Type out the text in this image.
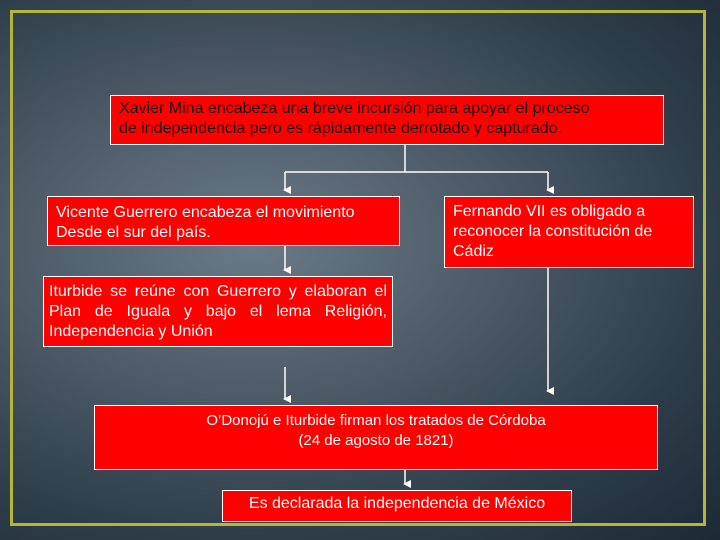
Xavier Mina encabeza una breve incursión para apoyar el proceso
de independencia pero es rápidamente derrotado y capturado.
Vicente Guerrero encabeza el movimiento
Desde el sur del país.
Fernando VII es obligado a
reconocer la constitución de
Cádiz
Iturbide se reúne con Guerrero y elaboran el Plan de Iguala y bajo el lema Religión, Independencia y Unión
O’Donojú e Iturbide firman los tratados de Córdoba
(24 de agosto de 1821)
Es declarada la independencia de México
